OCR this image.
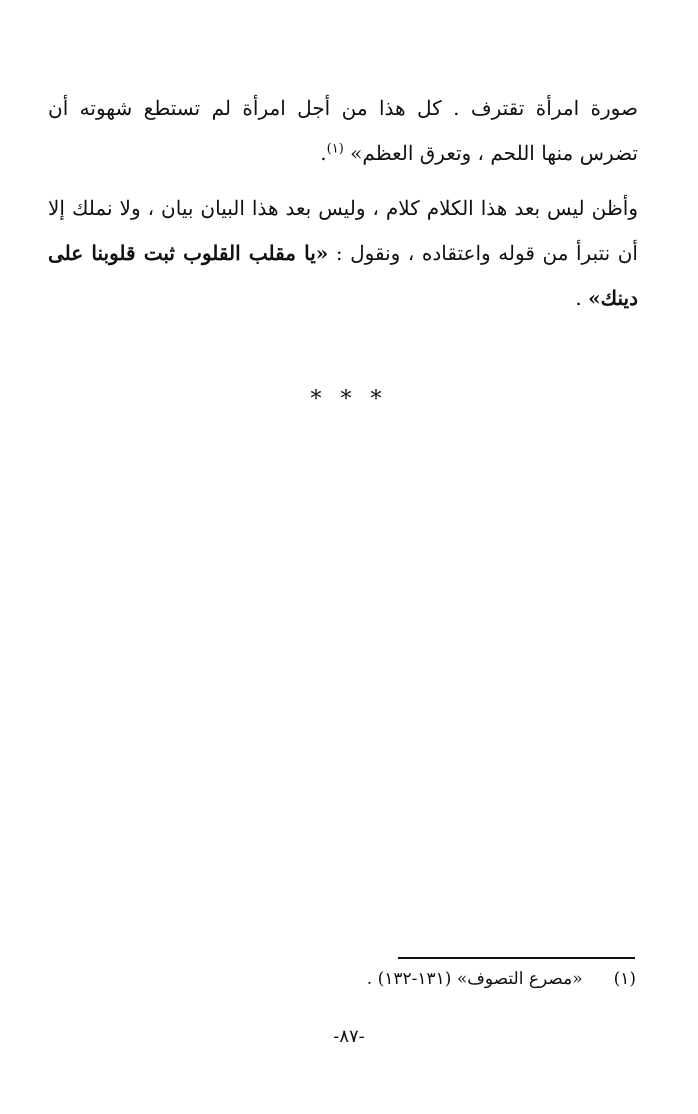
صورة امرأة تقترف . كل هذا من أجل امرأة لم تستطع شهوته أن تضرس منها اللحم ، وتعرق العظم» $^{(١)}$.

وأظن ليس بعد هذا الكلام كلام ، وليس بعد هذا البيان بيان ، ولا نملك إلا أن نتبرأ من قوله واعتقاده ، ونقول : «يا مقلب القلوب ثبت قلوبنا على دينك» .

* * *
(١) «مصرع التصوف» (١٣١-١٣٢) .
-٨٧-
